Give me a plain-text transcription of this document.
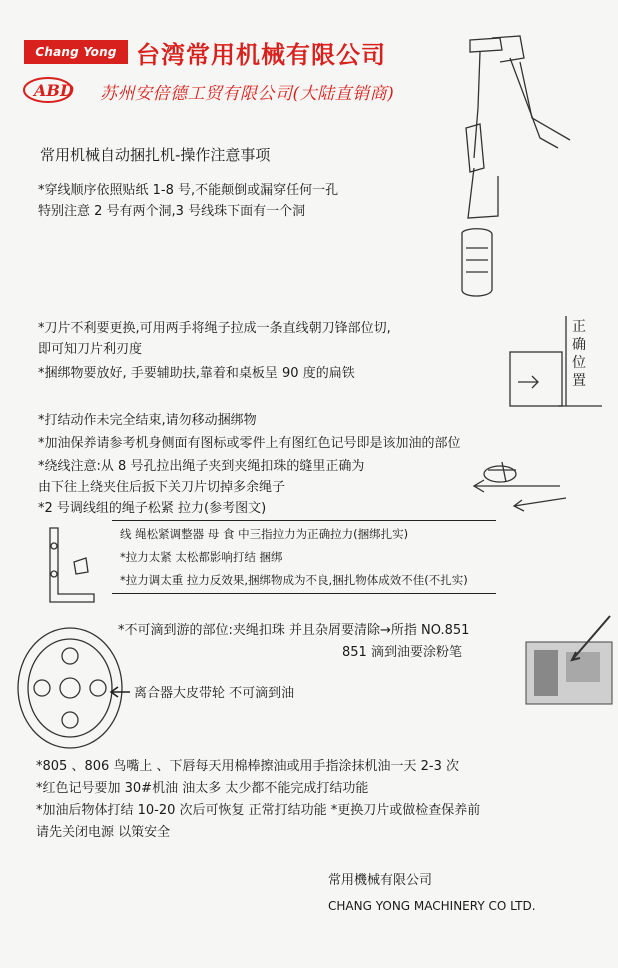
Chang Yong 台湾常用机械有限公司
ABD 苏州安倍德工贸有限公司(大陆直销商)
常用机械自动捆扎机-操作注意事项
*穿线顺序依照贴纸 1-8 号,不能颠倒或漏穿任何一孔
特别注意 2 号有两个洞,3 号线珠下面有一个洞
*刀片不利要更换,可用两手将绳子拉成一条直线朝刀锋部位切,
即可知刀片利刃度
*捆绑物要放好, 手要辅助扶,靠着和桌板呈 90 度的扁铁
正确位置
*打结动作未完全结束,请勿移动捆绑物
*加油保养请参考机身侧面有图标或零件上有图红色记号即是该加油的部位
*绕线注意:从 8 号孔拉出绳子夹到夹绳扣珠的缝里正确为
由下往上绕夹住后扳下关刀片切掉多余绳子
*2 号调线组的绳子松紧 拉力(参考图文)
线 绳松紧调整器 母 食 中三指拉力为正确拉力(捆绑扎实)
*拉力太紧 太松都影响打结 捆绑
*拉力调太重 拉力反效果,捆绑物成为不良,捆扎物体成效不佳(不扎实)
*不可滴到游的部位:夹绳扣珠 并且杂屑要清除→所指 NO.851
851 滴到油要涂粉笔
离合器大皮带轮 不可滴到油
*805 、806 鸟嘴上 、下唇每天用棉棒擦油或用手指涂抹机油一天 2-3 次
*红色记号要加 30#机油 油太多 太少都不能完成打结功能
*加油后物体打结 10-20 次后可恢复 正常打结功能 *更换刀片或做检查保养前
请先关闭电源 以策安全
常用機械有限公司
CHANG YONG MACHINERY CO LTD.
